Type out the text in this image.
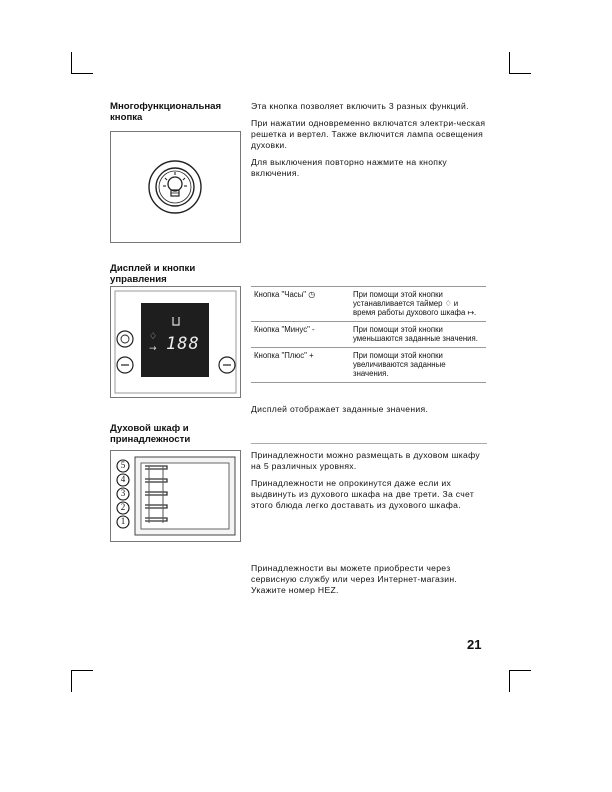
Многофункциональная кнопка

Эта кнопка позволяет включить 3 разных функций.

При нажатии одновременно включатся электри-ческая решетка и вертел. Также включится лампа освещения духовки.

Для выключения повторно нажмите на кнопку включения.

Дисплей и кнопки управления
♢
→ 188
Кнопка "Часы" ◷	При помощи этой кнопки устанавливается таймер ♢ и время работы духового шкафа ↦.
Кнопка "Минус" -	При помощи этой кнопки уменьшаются заданные значения.
Кнопка "Плюс" +	При помощи этой кнопки увеличиваются заданные значения.
Дисплей отображает заданные значения.
Духовой шкаф и принадлежности
5
4
3
2
1

Принадлежности можно размещать в духовом шкафу на 5 различных уровнях.

Принадлежности не опрокинутся даже если их выдвинуть из духового шкафа на две трети. За счет этого блюда легко доставать из духового шкафа.

Принадлежности вы можете приобрести через сервисную службу или через Интернет-магазин. Укажите номер HEZ.
21
